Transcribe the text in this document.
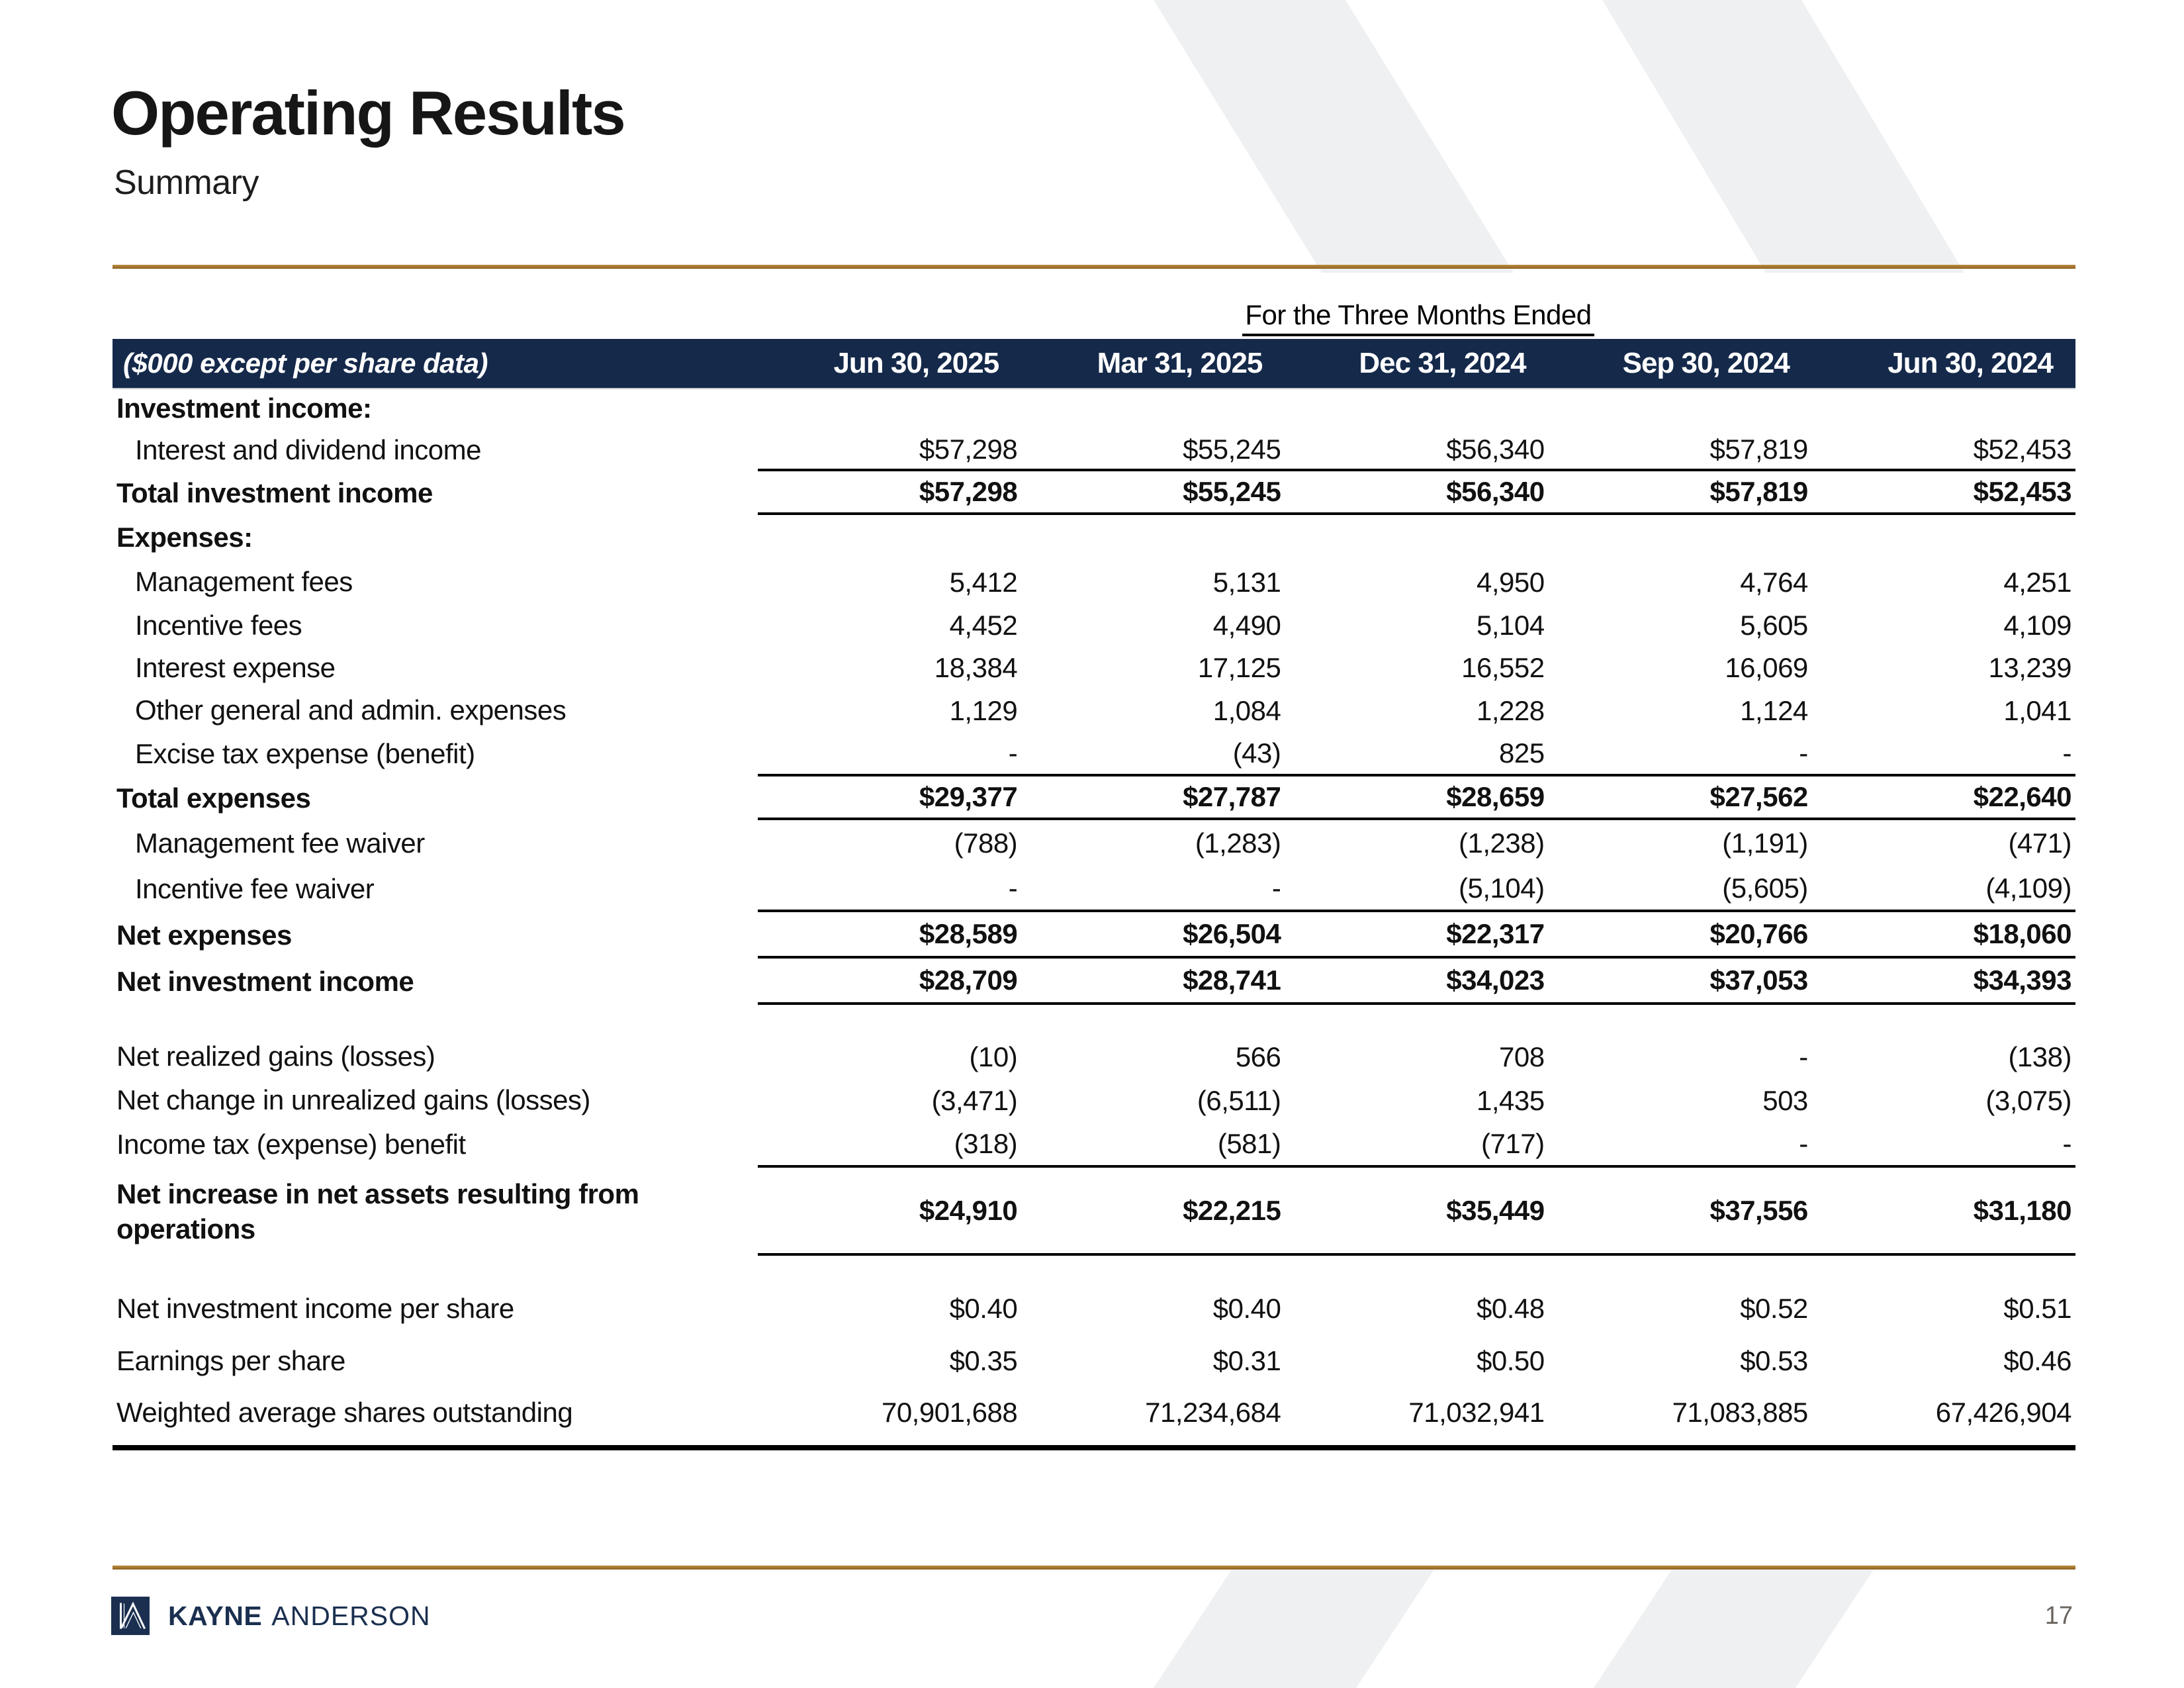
Operating Results
Summary
For the Three Months Ended
($000 except per share data)	Jun 30, 2025	Mar 31, 2025	Dec 31, 2024	Sep 30, 2024	Jun 30, 2024
Investment income:
Interest and dividend income	$57,298	$55,245	$56,340	$57,819	$52,453
Total investment income	$57,298	$55,245	$56,340	$57,819	$52,453
Expenses:
Management fees	5,412	5,131	4,950	4,764	4,251
Incentive fees	4,452	4,490	5,104	5,605	4,109
Interest expense	18,384	17,125	16,552	16,069	13,239
Other general and admin. expenses	1,129	1,084	1,228	1,124	1,041
Excise tax expense (benefit)	-	(43)	825	-	-
Total expenses	$29,377	$27,787	$28,659	$27,562	$22,640
Management fee waiver	(788)	(1,283)	(1,238)	(1,191)	(471)
Incentive fee waiver	-	-	(5,104)	(5,605)	(4,109)
Net expenses	$28,589	$26,504	$22,317	$20,766	$18,060
Net investment income	$28,709	$28,741	$34,023	$37,053	$34,393
Net realized gains (losses)	(10)	566	708	-	(138)
Net change in unrealized gains (losses)	(3,471)	(6,511)	1,435	503	(3,075)
Income tax (expense) benefit	(318)	(581)	(717)	-	-
Net increase in net assets resulting from operations
$24,910	$22,215	$35,449	$37,556	$31,180
Net investment income per share	$0.40	$0.40	$0.48	$0.52	$0.51
Earnings per share	$0.35	$0.31	$0.50	$0.53	$0.46
Weighted average shares outstanding	70,901,688	71,234,684	71,032,941	71,083,885	67,426,904
KAYNE ANDERSON	17
